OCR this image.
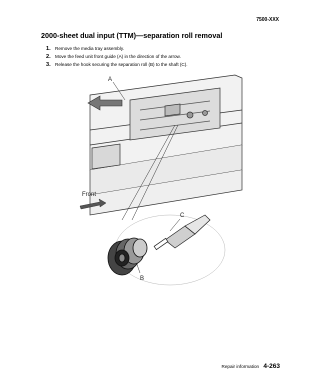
7500-XXX
2000-sheet dual input (TTM)—separation roll removal
1. Remove the media tray assembly.
2. Move the feed unit front guide (A) in the direction of the arrow.
3. Release the hook securing the separation roll (B) to the shaft (C).
A
C
B
Front
Repair information 4-263
